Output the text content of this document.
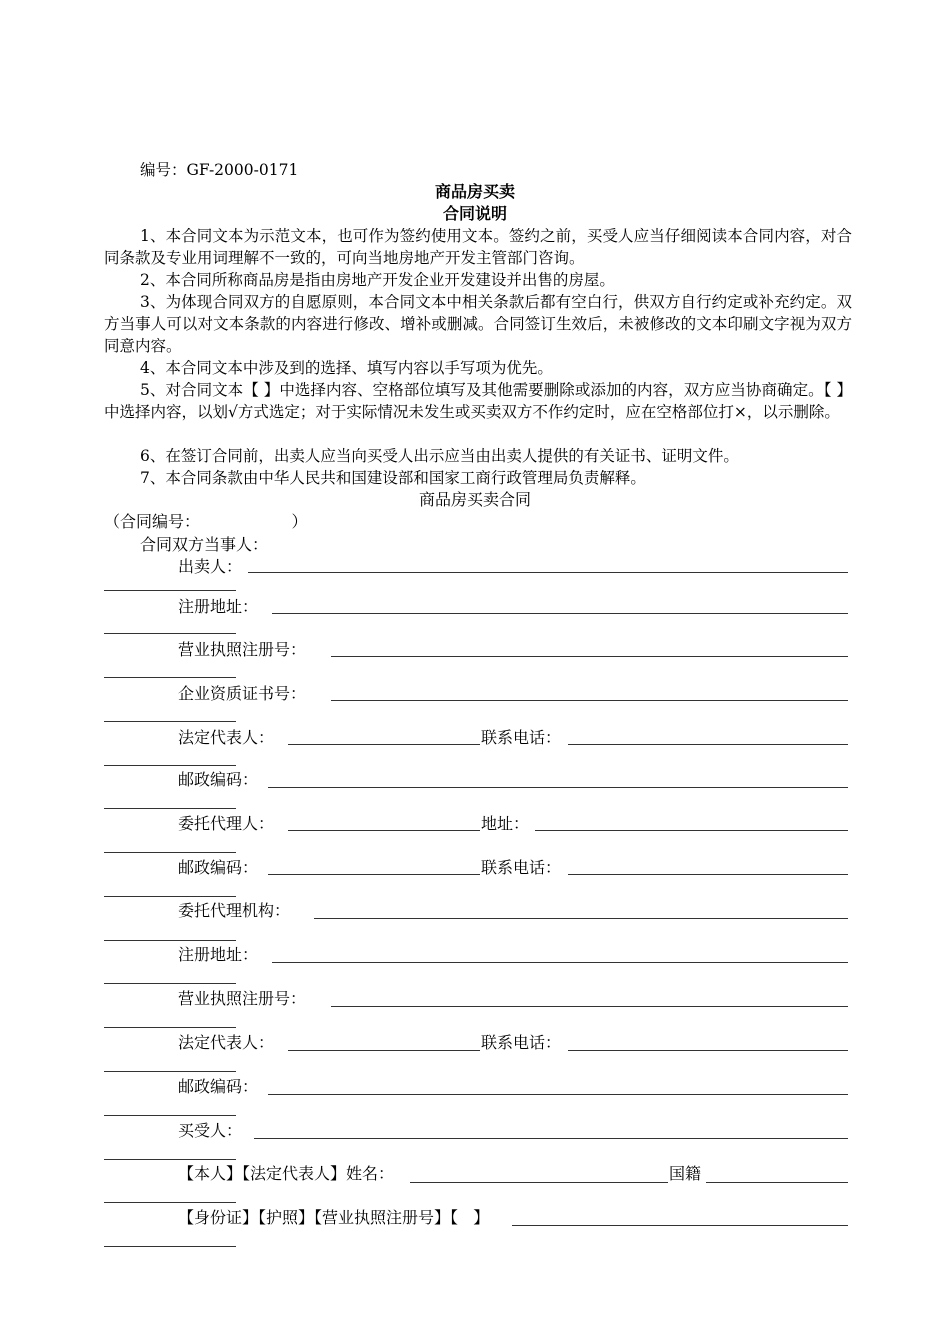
编号：GF-2000-0171
商品房买卖
合同说明
1、本合同文本为示范文本，也可作为签约使用文本。签约之前，买受人应当仔细阅读本合同内容，对合同条款及专业用词理解不一致的，可向当地房地产开发主管部门咨询。
2、本合同所称商品房是指由房地产开发企业开发建设并出售的房屋。
3、为体现合同双方的自愿原则，本合同文本中相关条款后都有空白行，供双方自行约定或补充约定。双方当事人可以对文本条款的内容进行修改、增补或删减。合同签订生效后，未被修改的文本印刷文字视为双方同意内容。
4、本合同文本中涉及到的选择、填写内容以手写项为优先。
5、对合同文本【 】中选择内容、空格部位填写及其他需要删除或添加的内容，双方应当协商确定。【 】中选择内容，以划√方式选定；对于实际情况未发生或买卖双方不作约定时，应在空格部位打×，以示删除。
6、在签订合同前，出卖人应当向买受人出示应当由出卖人提供的有关证书、证明文件。
7、本合同条款由中华人民共和国建设部和国家工商行政管理局负责解释。
商品房买卖合同
（合同编号：                  ）
合同双方当事人：
出卖人：
注册地址：
营业执照注册号：
企业资质证书号：
法定代表人：	联系电话：
邮政编码：
委托代理人：	地址：
邮政编码：	联系电话：
委托代理机构：
注册地址：
营业执照注册号：
法定代表人：	联系电话：
邮政编码：
买受人：
【本人】【法定代表人】姓名：	国籍
【身份证】【护照】【营业执照注册号】【   】
